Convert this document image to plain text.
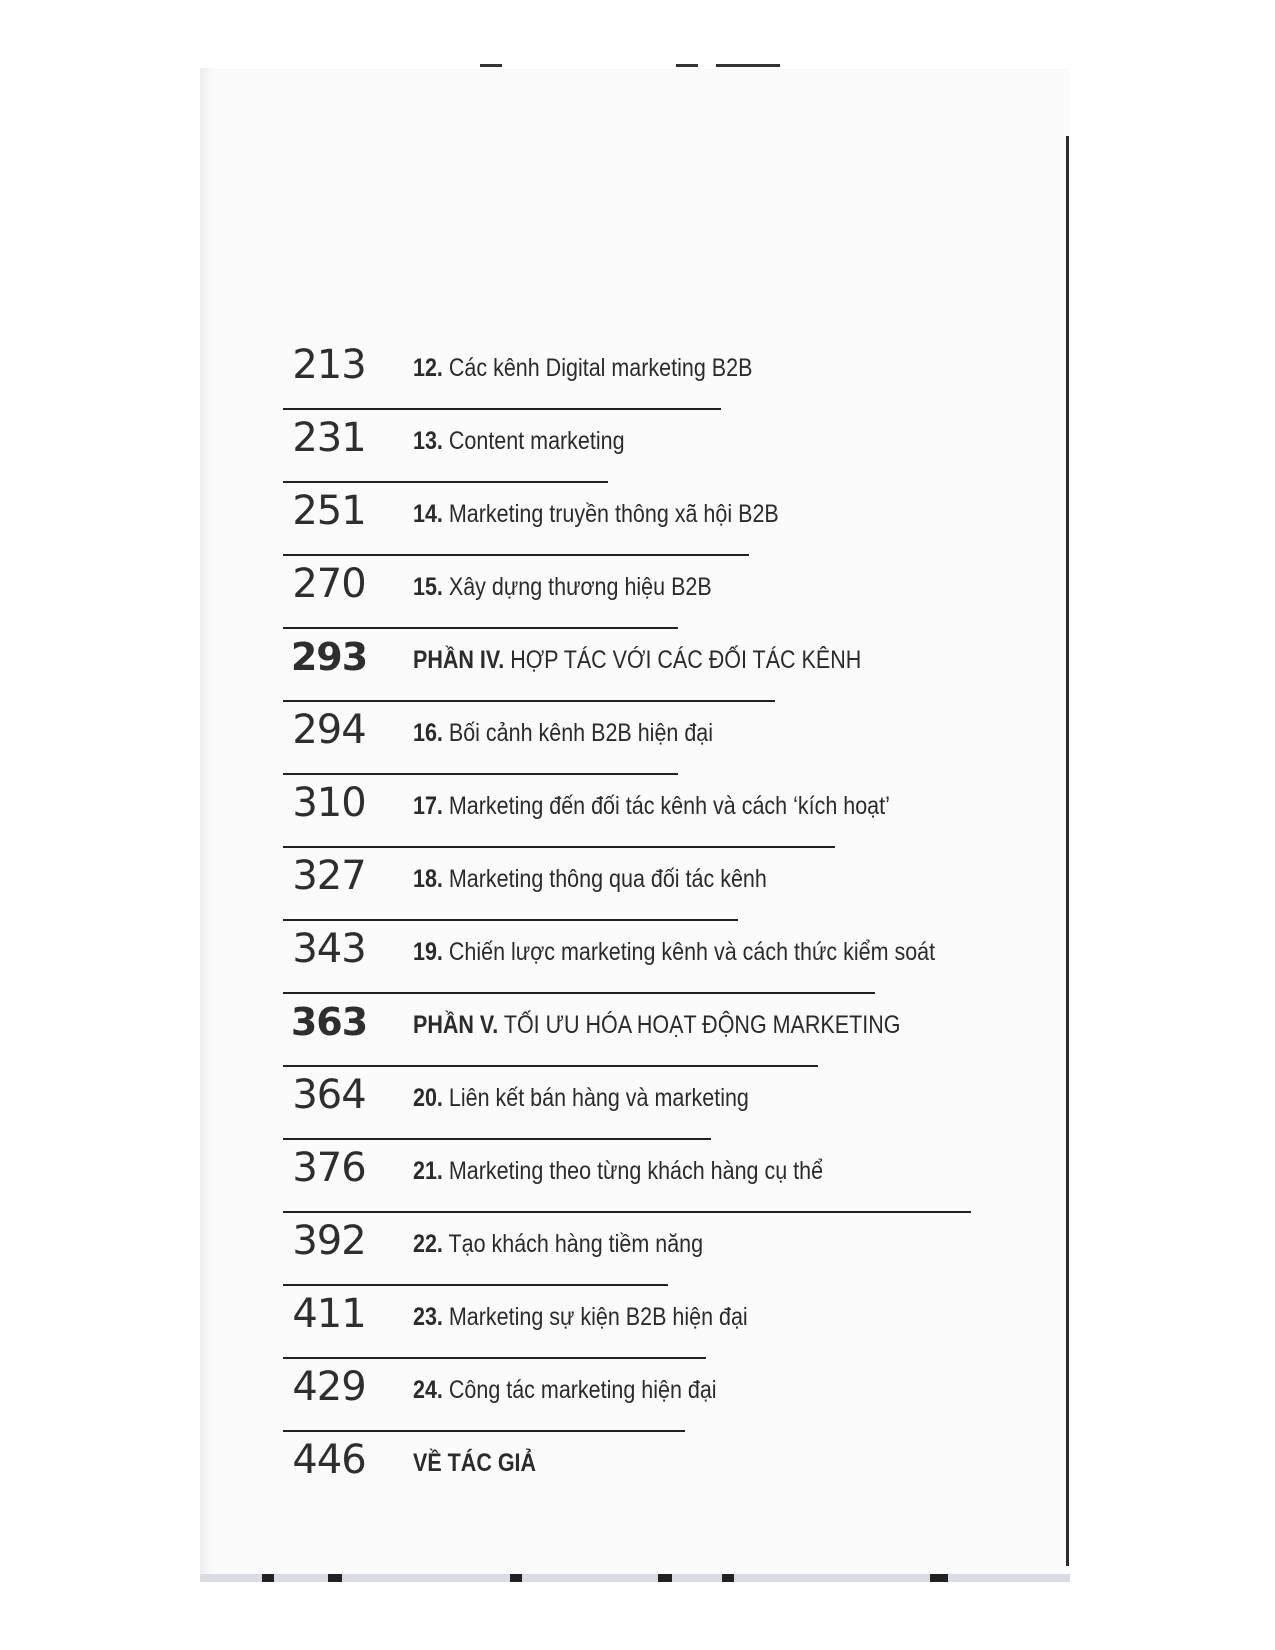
213 12. Các kênh Digital marketing B2B
231 13. Content marketing
251 14. Marketing truyền thông xã hội B2B
270 15. Xây dựng thương hiệu B2B
293 PHẦN IV. HỢP TÁC VỚI CÁC ĐỐI TÁC KÊNH
294 16. Bối cảnh kênh B2B hiện đại
310 17. Marketing đến đối tác kênh và cách ‘kích hoạt’
327 18. Marketing thông qua đối tác kênh
343 19. Chiến lược marketing kênh và cách thức kiểm soát
363 PHẦN V. TỐI ƯU HÓA HOẠT ĐỘNG MARKETING
364 20. Liên kết bán hàng và marketing
376 21. Marketing theo từng khách hàng cụ thể
392 22. Tạo khách hàng tiềm năng
411 23. Marketing sự kiện B2B hiện đại
429 24. Công tác marketing hiện đại
446 VỀ TÁC GIẢ
